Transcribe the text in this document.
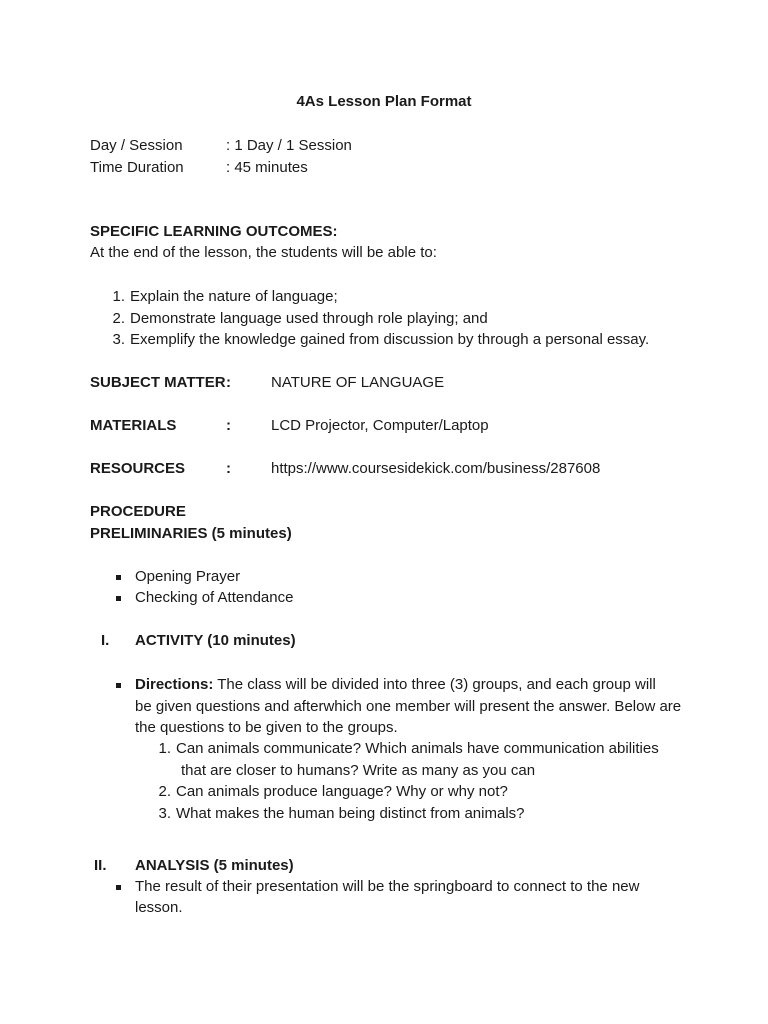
4As Lesson Plan Format
Day / Session	: 1 Day / 1 Session
Time Duration	: 45 minutes
SPECIFIC LEARNING OUTCOMES:
At the end of the lesson, the students will be able to:
1. Explain the nature of language;
2. Demonstrate language used through role playing; and
3. Exemplify the knowledge gained from discussion by through a personal essay.
SUBJECT MATTER :	NATURE OF LANGUAGE
MATERIALS	:	LCD Projector, Computer/Laptop
RESOURCES	:	https://www.coursesidekick.com/business/287608
PROCEDURE
PRELIMINARIES (5 minutes)
Opening Prayer
Checking of Attendance
I. ACTIVITY (10 minutes)
Directions: The class will be divided into three (3) groups, and each group will
be given questions and afterwhich one member will present the answer. Below are
the questions to be given to the groups.
1. Can animals communicate? Which animals have communication abilities
that are closer to humans? Write as many as you can
2. Can animals produce language? Why or why not?
3. What makes the human being distinct from animals?
II. ANALYSIS (5 minutes)
The result of their presentation will be the springboard to connect to the new
lesson.
